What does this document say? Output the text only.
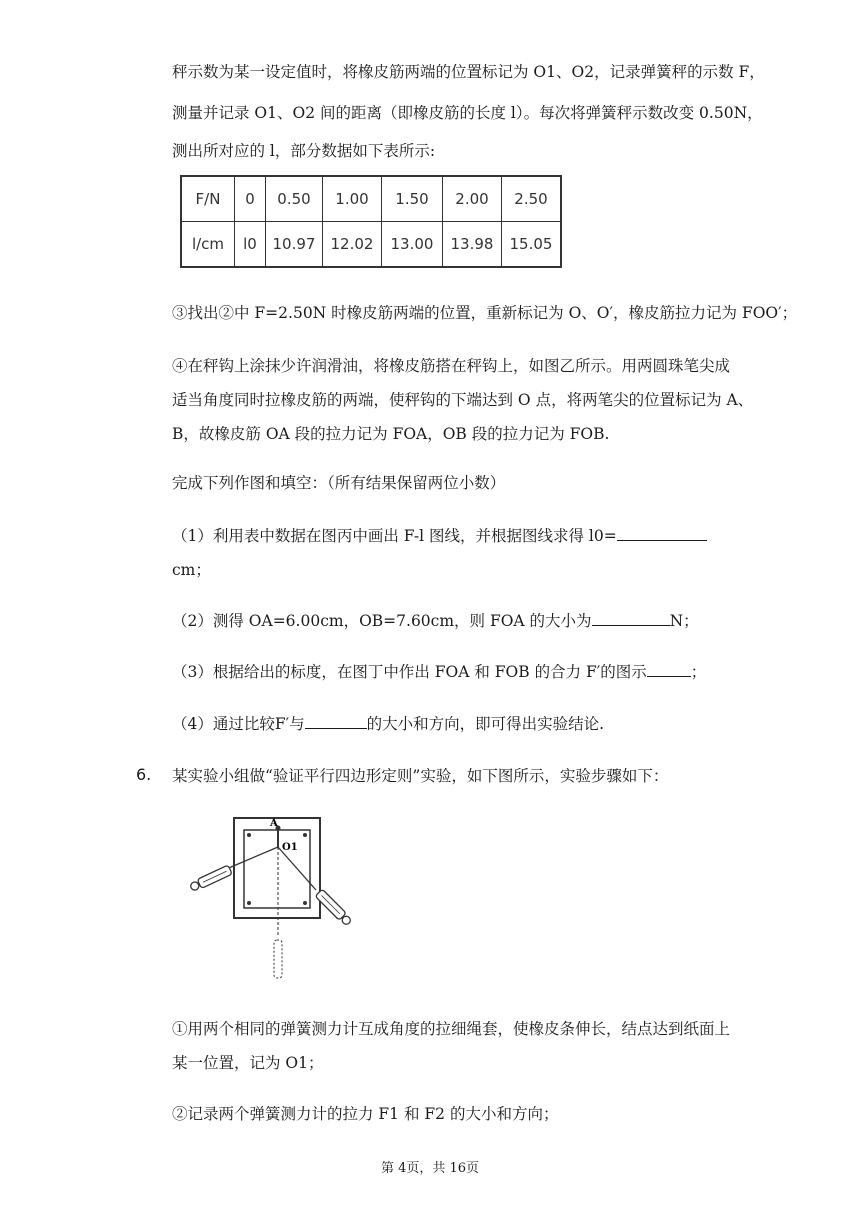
秤示数为某一设定值时，将橡皮筋两端的位置标记为 O1、O2，记录弹簧秤的示数 F，
测量并记录 O1、O2 间的距离（即橡皮筋的长度 l）。每次将弹簧秤示数改变 0.50N，
测出所对应的 l，部分数据如下表所示:
F/N	0	0.50	1.00	1.50	2.00	2.50
l/cm	l0	10.97	12.02	13.00	13.98	15.05
③找出②中 F=2.50N 时橡皮筋两端的位置，重新标记为 O、O′，橡皮筋拉力记为 FOO′；
④在秤钩上涂抹少许润滑油，将橡皮筋搭在秤钩上，如图乙所示。用两圆珠笔尖成
适当角度同时拉橡皮筋的两端，使秤钩的下端达到 O 点，将两笔尖的位置标记为 A、
B，故橡皮筋 OA 段的拉力记为 FOA，OB 段的拉力记为 FOB.
完成下列作图和填空：（所有结果保留两位小数）
（1）利用表中数据在图丙中画出 F-l 图线，并根据图线求得 l0=
cm；
（2）测得 OA=6.00cm，OB=7.60cm，则 FOA 的大小为	N；
（3）根据给出的标度，在图丁中作出 FOA 和 FOB 的合力 F′的图示	；
（4）通过比较F′与	的大小和方向，即可得出实验结论.
6. 某实验小组做“验证平行四边形定则”实验，如下图所示，实验步骤如下：
A
O1
①用两个相同的弹簧测力计互成角度的拉细绳套，使橡皮条伸长，结点达到纸面上
某一位置，记为 O1；
②记录两个弹簧测力计的拉力 F1 和 F2 的大小和方向；
第 4页，共 16页
